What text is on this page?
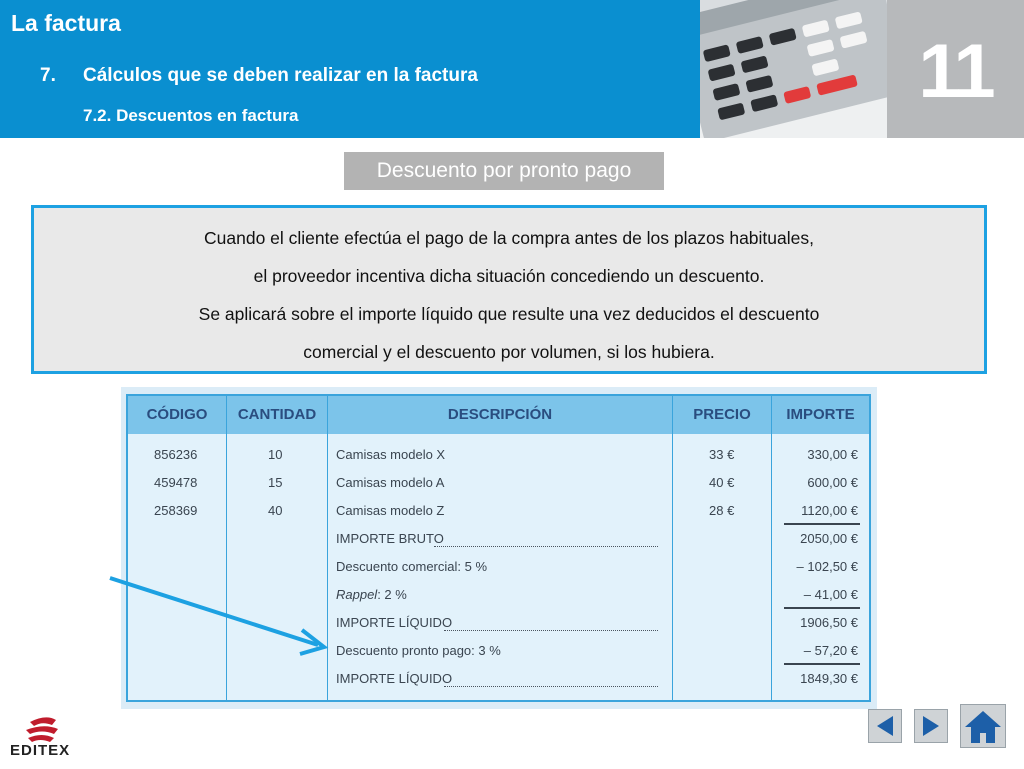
La factura
7. Cálculos que se deben realizar en la factura
7.2. Descuentos en factura
11
Descuento por pronto pago

Cuando el cliente efectúa el pago de la compra antes de los plazos habituales,

el proveedor incentiva dicha situación concediendo un descuento.

Se aplicará sobre el importe líquido que resulte una vez deducidos el descuento

comercial y el descuento por volumen, si los hubiera.

CÓDIGO	CANTIDAD	DESCRIPCIÓN	PRECIO	IMPORTE
856236	10	Camisas modelo X	33 €	330,00 €
459478	15	Camisas modelo A	40 €	600,00 €
258369	40	Camisas modelo Z	28 €	1120,00 €
IMPORTE BRUTO	2050,00 €
Descuento comercial: 5 %	– 102,50 €
Rappel: 2 %	– 41,00 €
IMPORTE LÍQUIDO	1906,50 €
Descuento pronto pago: 3 %	– 57,20 €
IMPORTE LÍQUIDO	1849,30 €
EDITEX
